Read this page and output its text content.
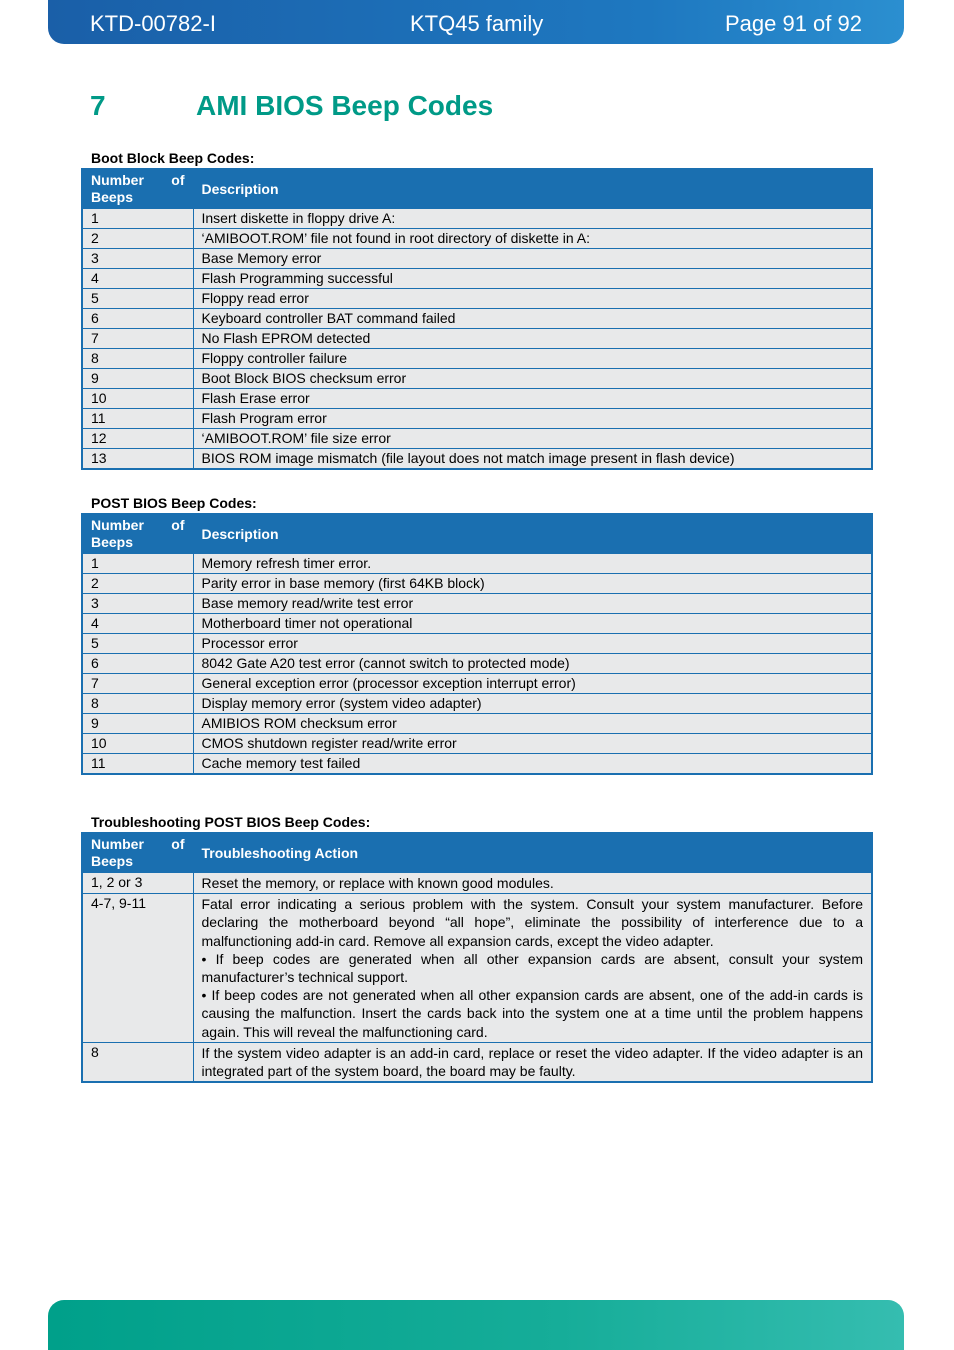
KTD-00782-I	KTQ45 family	Page 91 of 92
7	AMI BIOS Beep Codes
Boot Block Beep Codes:
Number of
Beeps	Description
1	Insert diskette in floppy drive A:
2	‘AMIBOOT.ROM’ file not found in root directory of diskette in A:
3	Base Memory error
4	Flash Programming successful
5	Floppy read error
6	Keyboard controller BAT command failed
7	No Flash EPROM detected
8	Floppy controller failure
9	Boot Block BIOS checksum error
10	Flash Erase error
11	Flash Program error
12	‘AMIBOOT.ROM’ file size error
13	BIOS ROM image mismatch (file layout does not match image present in flash device)
POST BIOS Beep Codes:
Number of
Beeps	Description
1	Memory refresh timer error.
2	Parity error in base memory (first 64KB block)
3	Base memory read/write test error
4	Motherboard timer not operational
5	Processor error
6	8042 Gate A20 test error (cannot switch to protected mode)
7	General exception error (processor exception interrupt error)
8	Display memory error (system video adapter)
9	AMIBIOS ROM checksum error
10	CMOS shutdown register read/write error
11	Cache memory test failed
Troubleshooting POST BIOS Beep Codes:
Number of
Beeps	Troubleshooting Action
1, 2 or 3	Reset the memory, or replace with known good modules.

4-7, 9-11	Fatal error indicating a serious problem with the system. Consult your system manufacturer. Before declaring the motherboard beyond “all hope”, eliminate the possibility of interference due to a malfunctioning add-in card. Remove all expansion cards, except the video adapter.

• If beep codes are generated when all other expansion cards are absent, consult your system manufacturer’s technical support.

• If beep codes are not generated when all other expansion cards are absent, one of the add-in cards is causing the malfunction. Insert the cards back into the system one at a time until the problem happens again. This will reveal the malfunctioning card.

8	If the system video adapter is an add-in card, replace or reset the video adapter. If the video adapter is an integrated part of the system board, the board may be faulty.
